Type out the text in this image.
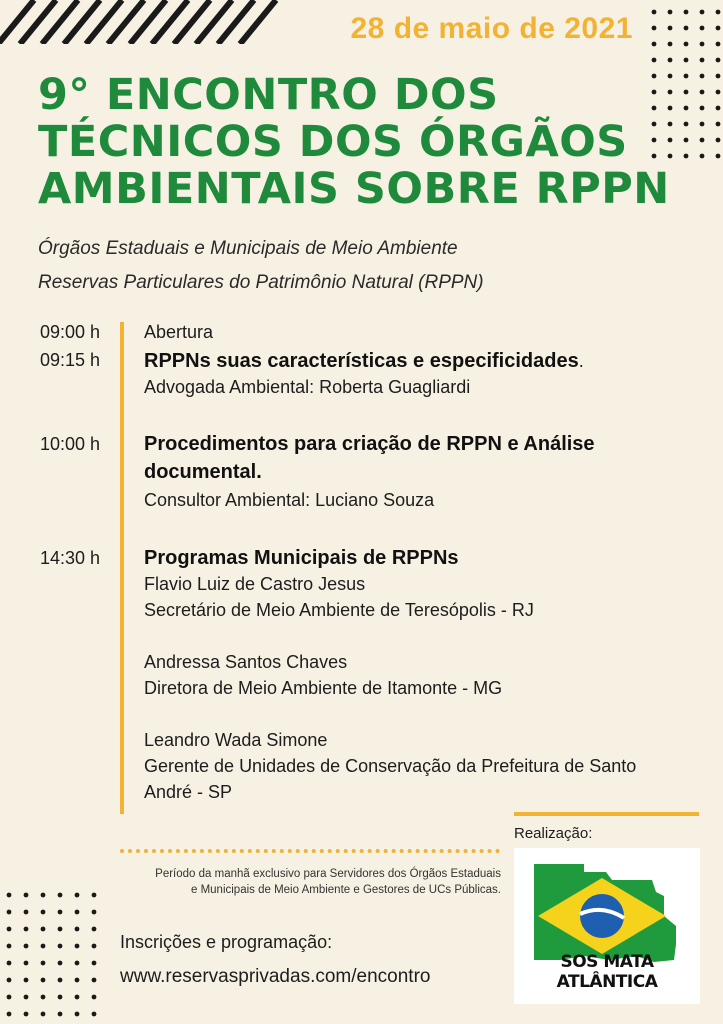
28 de maio de 2021
9° ENCONTRO DOS
TÉCNICOS DOS ÓRGÃOS
AMBIENTAIS SOBRE RPPN
Órgãos Estaduais e Municipais de Meio Ambiente
Reservas Particulares do Patrimônio Natural (RPPN)
09:00 h
09:15 h
10:00 h
14:30 h
Abertura
RPPNs suas características e especificidades.
Advogada Ambiental: Roberta Guagliardi
Procedimentos para criação de RPPN e Análise
documental.
Consultor Ambiental: Luciano Souza
Programas Municipais de RPPNs
Flavio Luiz de Castro Jesus
Secretário de Meio Ambiente de Teresópolis - RJ
Andressa Santos Chaves
Diretora de Meio Ambiente de Itamonte - MG
Leandro Wada Simone
Gerente de Unidades de Conservação da Prefeitura de Santo
André - SP
Realização:
Período da manhã exclusivo para Servidores dos Órgãos Estaduais
e Municipais de Meio Ambiente e Gestores de UCs Públicas.
Inscrições e programação:
www.reservasprivadas.com/encontro
SOS MATA ATLÂNTICA
